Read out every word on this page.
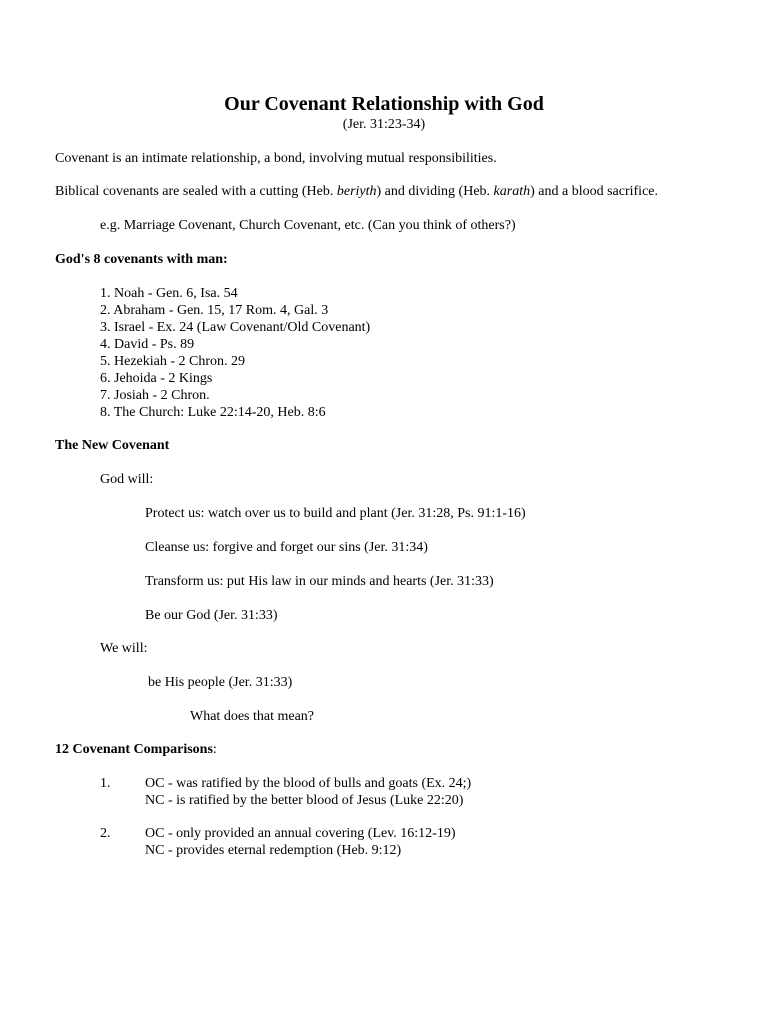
Our Covenant Relationship with God
(Jer. 31:23-34)
Covenant is an intimate relationship, a bond, involving mutual responsibilities.
Biblical covenants are sealed with a cutting (Heb. beriyth) and dividing (Heb. karath) and a blood sacrifice.
e.g. Marriage Covenant, Church Covenant, etc. (Can you think of others?)
God's 8 covenants with man:
1. Noah - Gen. 6, Isa. 54
2. Abraham - Gen. 15, 17 Rom. 4, Gal. 3
3. Israel - Ex. 24 (Law Covenant/Old Covenant)
4. David - Ps. 89
5. Hezekiah - 2 Chron. 29
6. Jehoida - 2 Kings
7. Josiah - 2 Chron.
8. The Church: Luke 22:14-20, Heb. 8:6
The New Covenant
God will:
Protect us: watch over us to build and plant (Jer. 31:28, Ps. 91:1-16)
Cleanse us: forgive and forget our sins (Jer. 31:34)
Transform us: put His law in our minds and hearts (Jer. 31:33)
Be our God (Jer. 31:33)
We will:
be His people (Jer. 31:33)
What does that mean?
12 Covenant Comparisons:
1. OC - was ratified by the blood of bulls and goats (Ex. 24;)
NC - is ratified by the better blood of Jesus (Luke 22:20)
2. OC - only provided an annual covering (Lev. 16:12-19)
NC - provides eternal redemption (Heb. 9:12)
